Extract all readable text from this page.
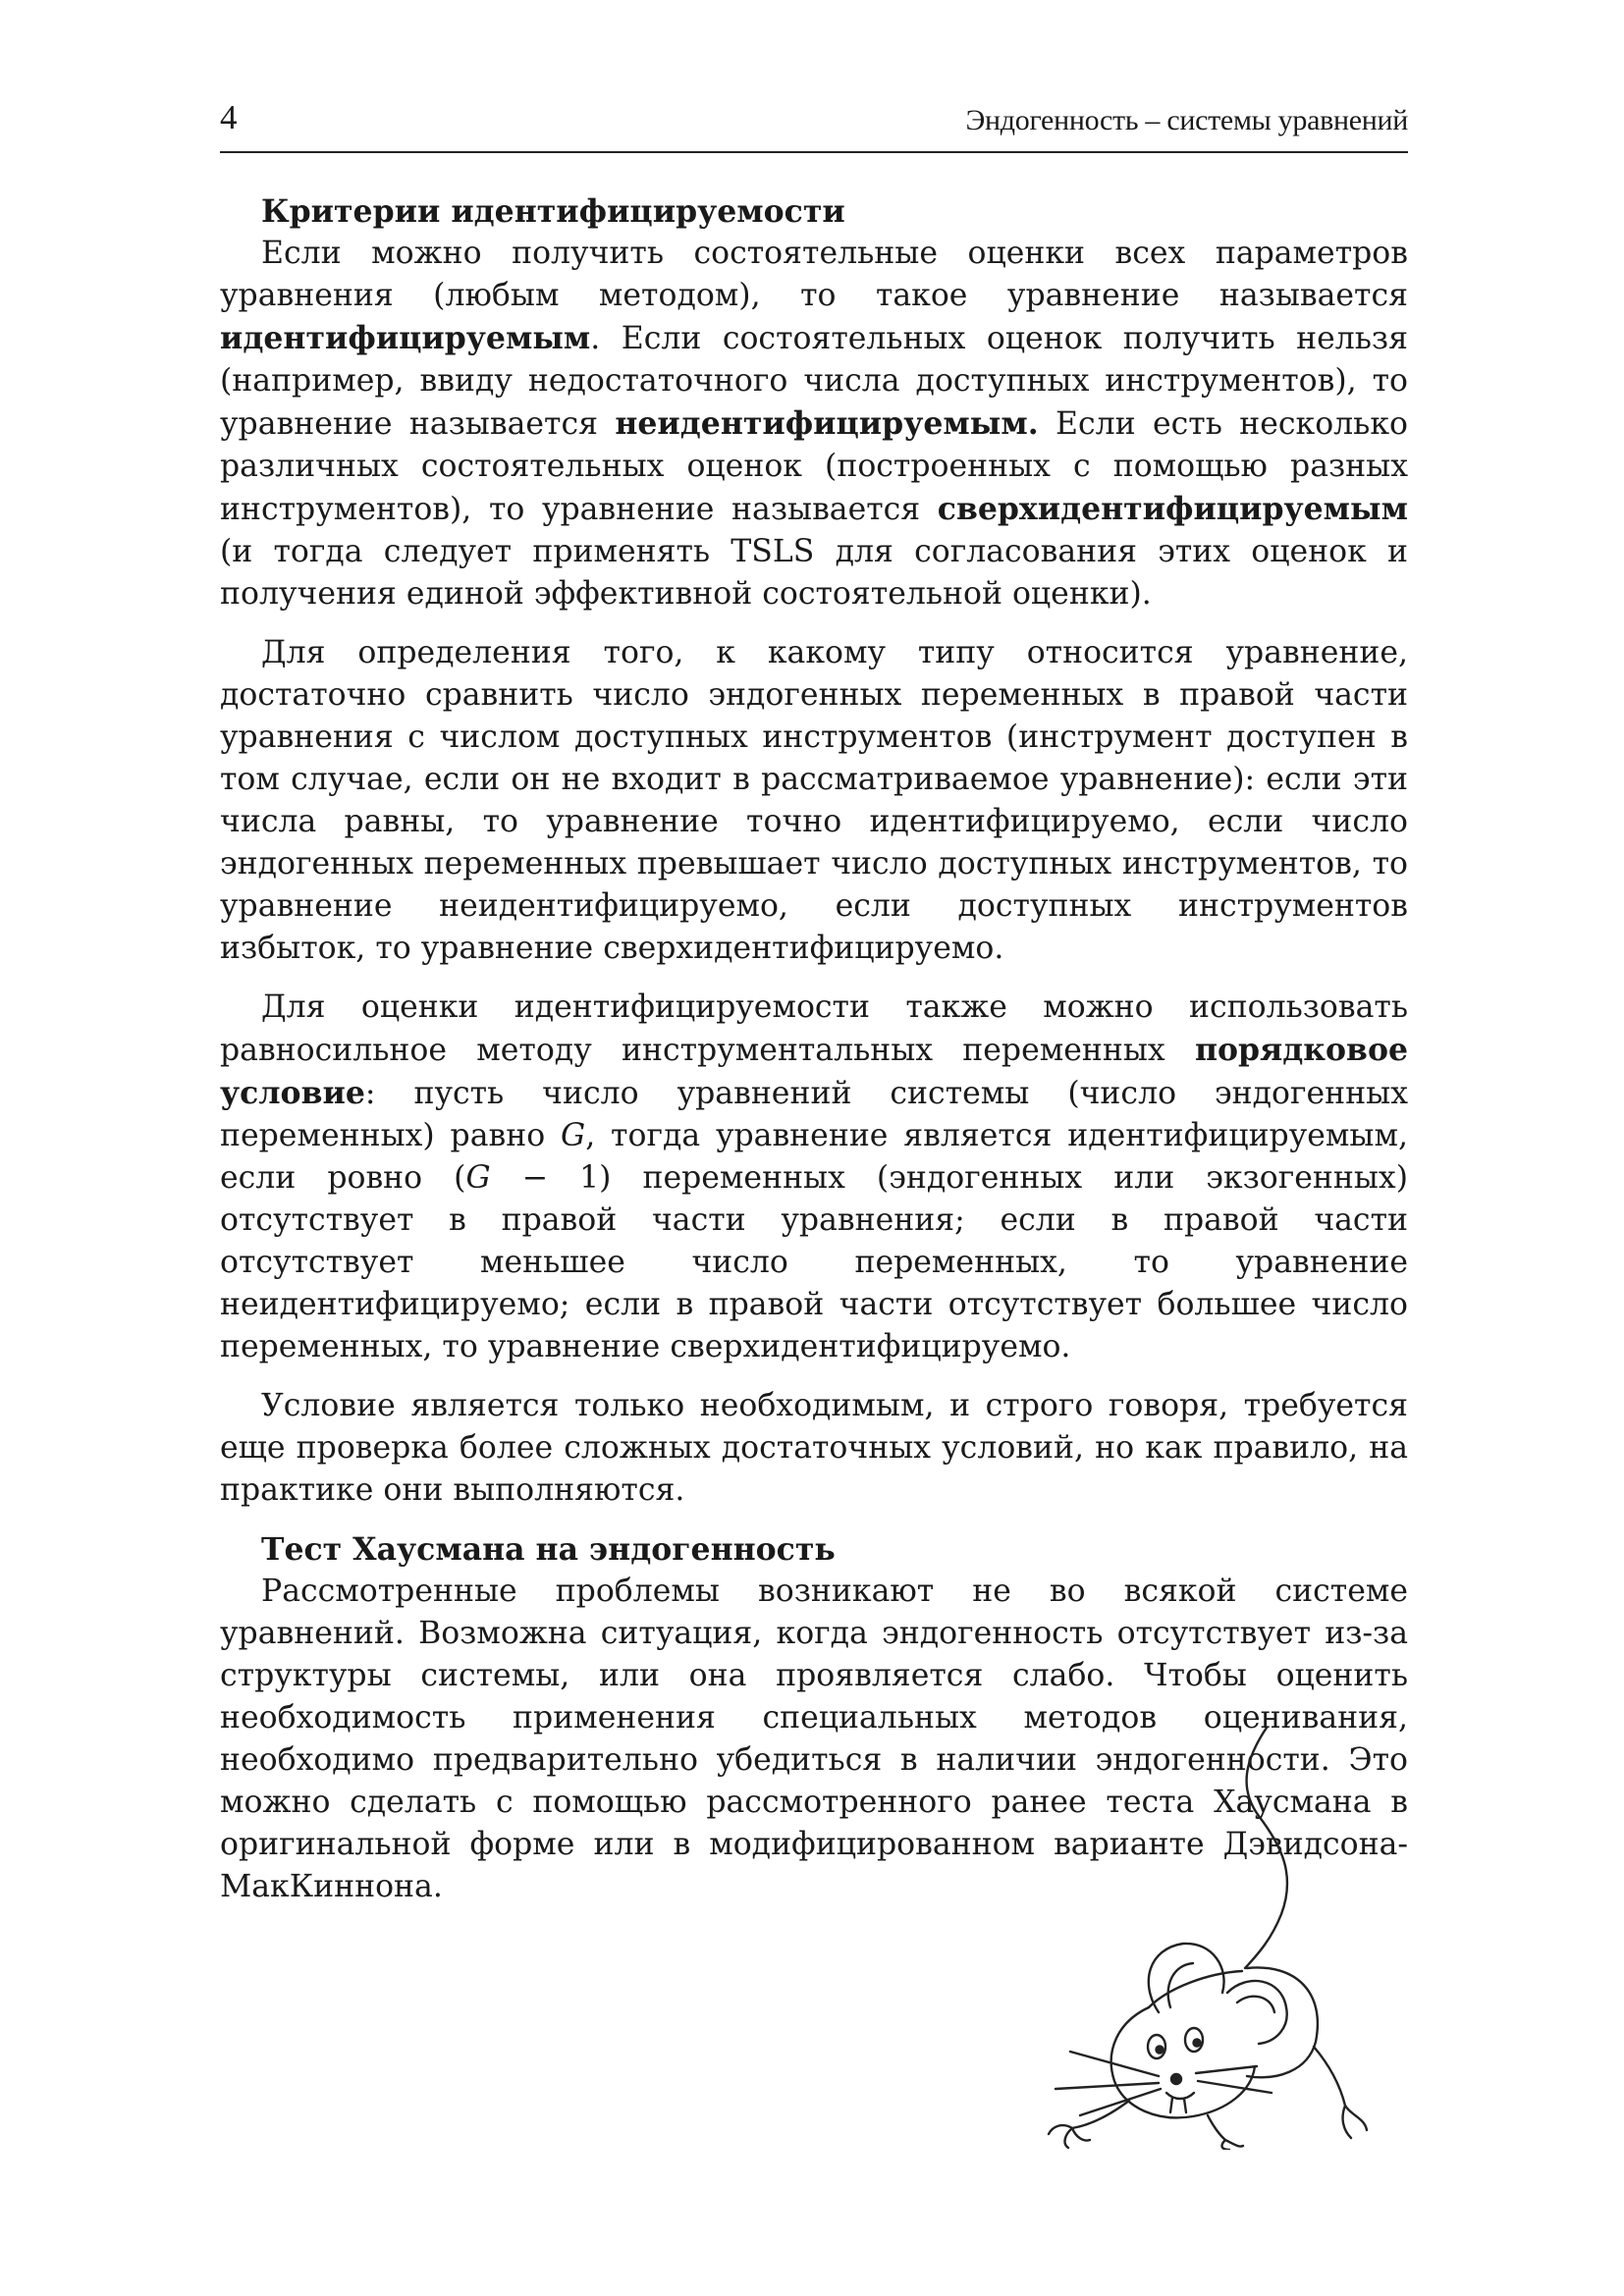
4	Эндогенность – системы уравнений
Критерии идентифицируемости

Если можно получить состоятельные оценки всех параметров уравнения (любым методом), то такое уравнение называется идентифицируемым. Если состоятельных оценок получить нельзя (например, ввиду недостаточного числа доступных инструментов), то уравнение называется неидентифицируемым. Если есть несколько различных состоятельных оценок (построенных с помощью разных инструментов), то уравнение называется сверхидентифицируемым (и тогда следует применять TSLS для согласования этих оценок и получения единой эффективной состоятельной оценки).

Для определения того, к какому типу относится уравнение, достаточно сравнить число эндогенных переменных в правой части уравнения с числом доступных инструментов (инструмент доступен в том случае, если он не входит в рассматриваемое уравнение): если эти числа равны, то уравнение точно идентифицируемо, если число эндогенных переменных превышает число доступных инструментов, то уравнение неидентифицируемо, если доступных инструментов избыток, то уравнение сверхидентифицируемо.

Для оценки идентифицируемости также можно использовать равносильное методу инструментальных переменных порядковое условие: пусть число уравнений системы (число эндогенных переменных) равно G, тогда уравнение является идентифицируемым, если ровно (G − 1) переменных (эндогенных или экзогенных) отсутствует в правой части уравнения; если в правой части отсутствует меньшее число переменных, то уравнение неидентифицируемо; если в правой части отсутствует большее число переменных, то уравнение сверхидентифицируемо.

Условие является только необходимым, и строго говоря, требуется еще проверка более сложных достаточных условий, но как правило, на практике они выполняются.

Тест Хаусмана на эндогенность

Рассмотренные проблемы возникают не во всякой системе уравнений. Возможна ситуация, когда эндогенность отсутствует из-за структуры системы, или она проявляется слабо. Чтобы оценить необходимость применения специальных методов оценивания, необходимо предварительно убедиться в наличии эндогенности. Это можно сделать с помощью рассмотренного ранее теста Хаусмана в оригинальной форме или в модифицированном варианте Дэвидсона-МакКиннона.
